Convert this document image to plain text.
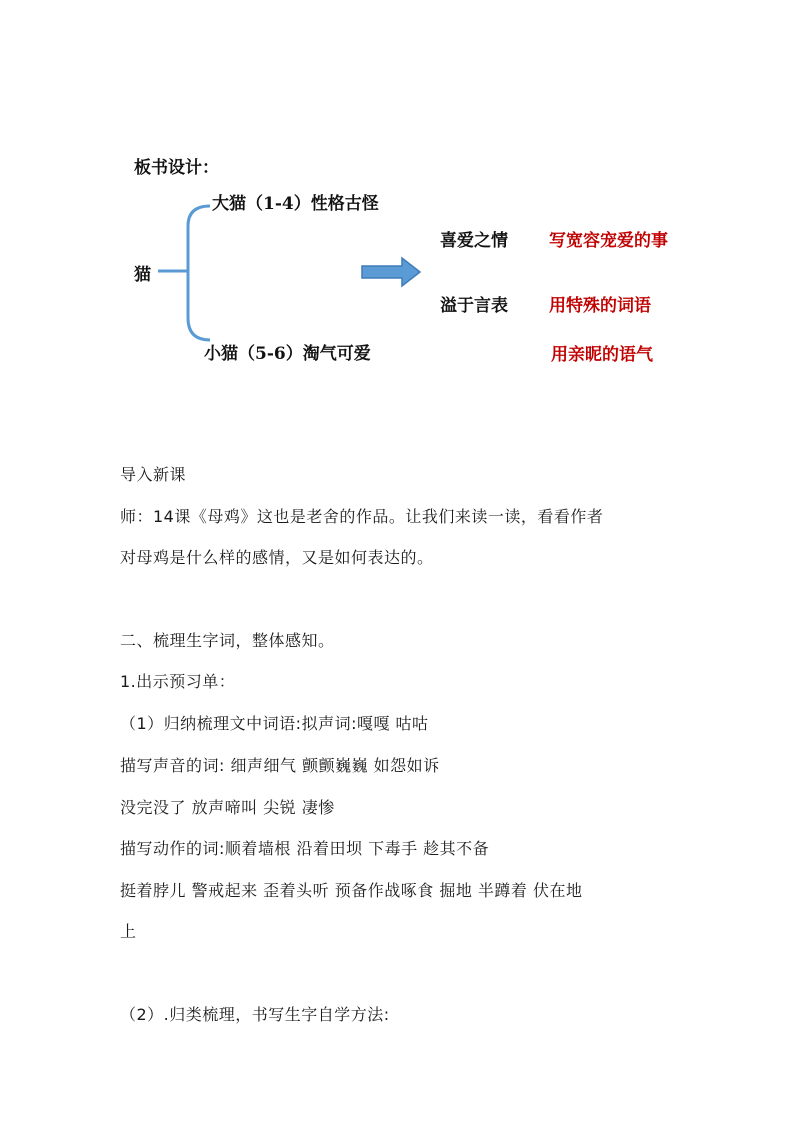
板书设计：
猫
大猫（1-4）性格古怪
小猫（5-6）淘气可爱
喜爱之情
溢于言表
写宽容宠爱的事
用特殊的词语
用亲昵的语气
导入新课
师：14课《母鸡》这也是老舍的作品。让我们来读一读，看看作者
对母鸡是什么样的感情，又是如何表达的。
二、梳理生字词，整体感知。
1.出示预习单：
（1）归纳梳理文中词语:拟声词:嘎嘎 咕咕
描写声音的词: 细声细气 颤颤巍巍 如怨如诉
没完没了 放声啼叫 尖锐 凄惨
描写动作的词:顺着墙根 沿着田坝 下毒手 趁其不备
挺着脖儿 警戒起来 歪着头听 预备作战啄食 掘地 半蹲着 伏在地
上
（2）.归类梳理，书写生字自学方法:
